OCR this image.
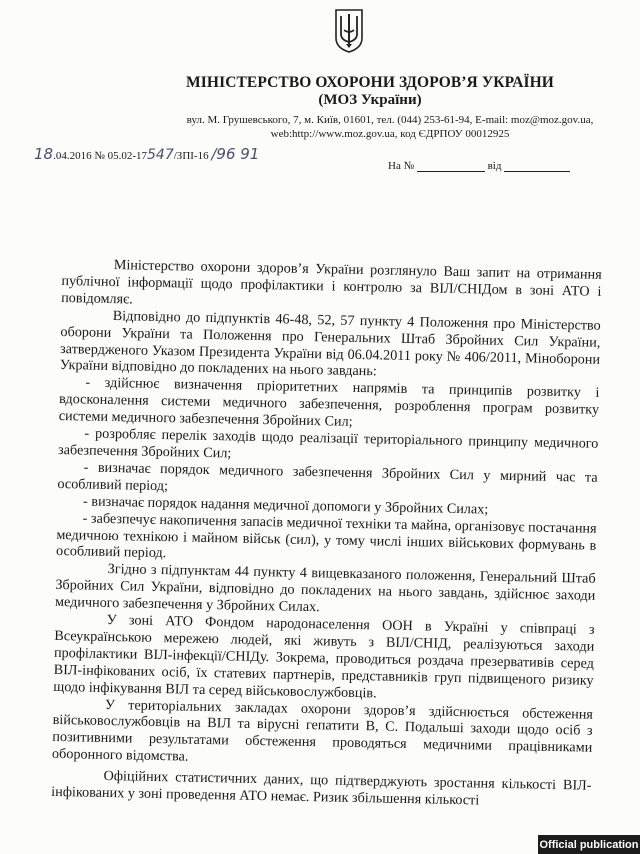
МІНІСТЕРСТВО ОХОРОНИ ЗДОРОВ’Я УКРАЇНИ
(МОЗ України)
вул. М. Грушевського, 7, м. Київ, 01601, тел. (044) 253-61-94, E-mail: moz@moz.gov.ua,
web:http://www.moz.gov.ua, код ЄДРПОУ 00012925
18.04.2016 № 05.02-17547/ЗПІ-16 /96 91
На №	від

Міністерство охорони здоров’я України розглянуло Ваш запит на отримання публічної інформації щодо профілактики і контролю за ВІЛ/СНІДом в зоні АТО і повідомляє.

Відповідно до підпунктів 46-48, 52, 57 пункту 4 Положення про Міністерство оборони України та Положення про Генеральних Штаб Збройних Сил України, затвердженого Указом Президента України від 06.04.2011 року № 406/2011, Міноборони України відповідно до покладених на нього завдань:

- здійснює визначення пріоритетних напрямів та принципів розвитку і вдосконалення системи медичного забезпечення, розроблення програм розвитку системи медичного забезпечення Збройних Сил;

- розробляє перелік заходів щодо реалізації територіального принципу медичного забезпечення Збройних Сил;

- визначає порядок медичного забезпечення Збройних Сил у мирний час та особливий період;

- визначає порядок надання медичної допомоги у Збройних Силах;

- забезпечує накопичення запасів медичної техніки та майна, організовує постачання медичною технікою і майном військ (сил), у тому числі інших військових формувань в особливий період.

Згідно з підпунктам 44 пункту 4 вищевказаного положення, Генеральний Штаб Збройних Сил України, відповідно до покладених на нього завдань, здійснює заходи медичного забезпечення у Збройних Силах.

У зоні АТО Фондом народонаселення ООН в Україні у співпраці з Всеукраїнською мережею людей, які живуть з ВІЛ/СНІД, реалізуються заходи профілактики ВІЛ-інфекції/СНІДу. Зокрема, проводиться роздача презервативів серед ВІЛ-інфікованих осіб, їх статевих партнерів, представників груп підвищеного ризику щодо інфікування ВІЛ та серед військовослужбовців.

У територіальних закладах охорони здоров’я здійснюється обстеження військовослужбовців на ВІЛ та вірусні гепатити В, С. Подальші заходи щодо осіб з позитивними результатами обстеження проводяться медичними працівниками оборонного відомства.

Офіційних статистичних даних, що підтверджують зростання кількості ВІЛ-інфікованих у зоні проведення АТО немає. Ризик збільшення кількості

Official publication
